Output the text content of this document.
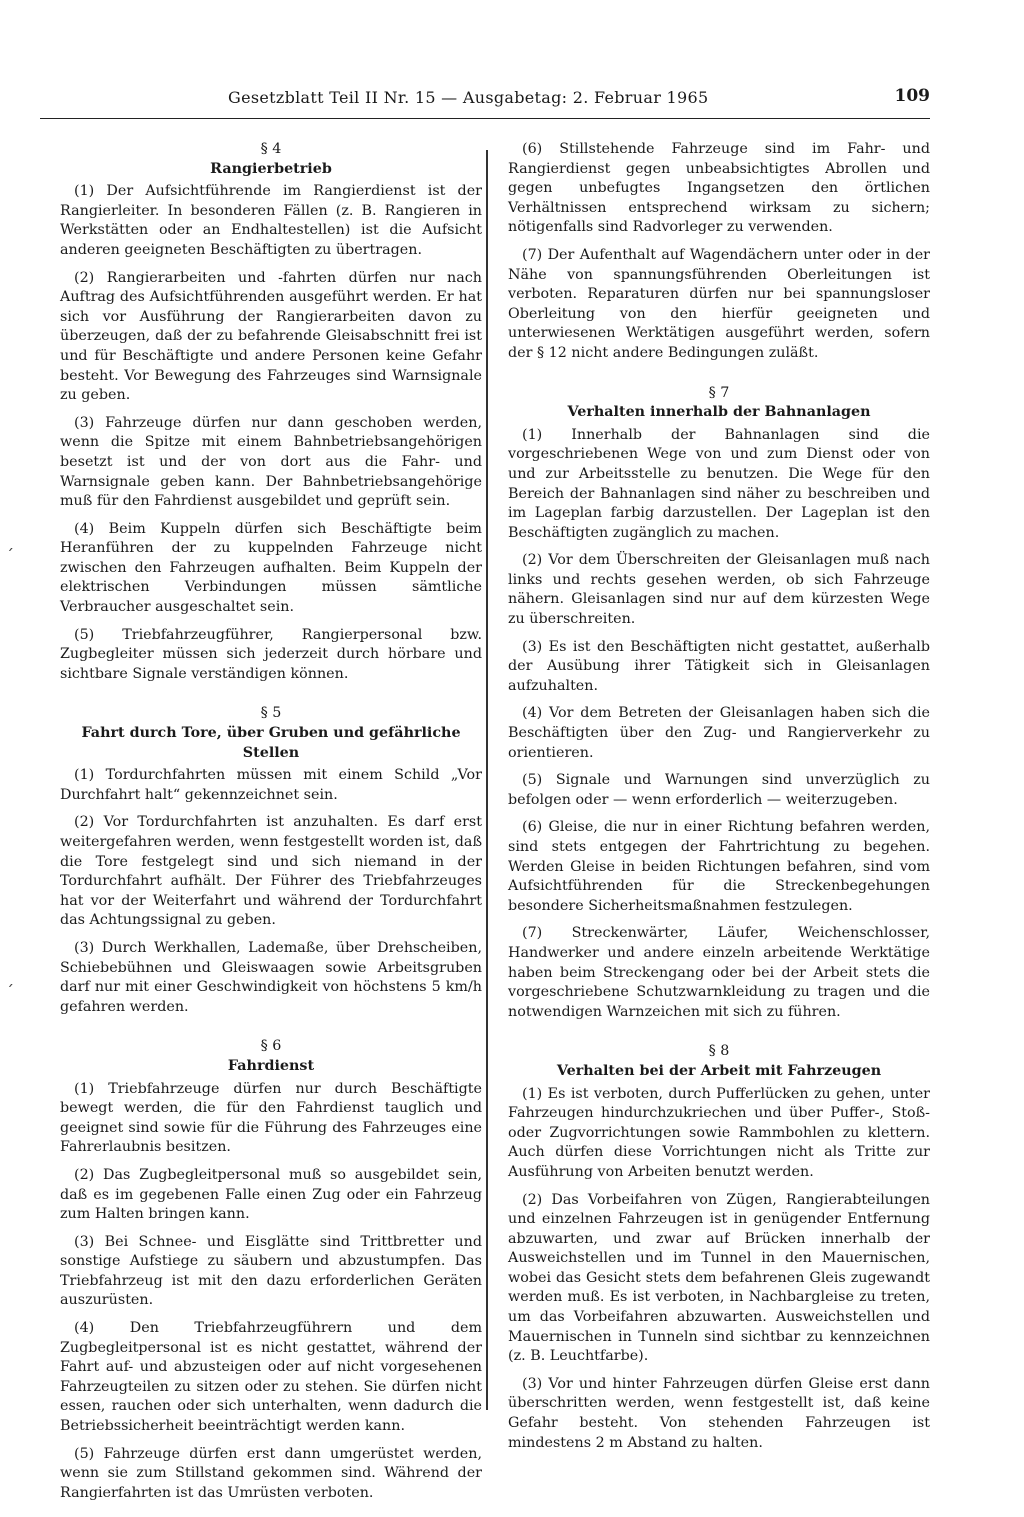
Gesetzblatt Teil II Nr. 15 — Ausgabetag: 2. Februar 1965	109
ˏ
ˏ

§ 4

Rangierbetrieb

(1) Der Aufsichtführende im Rangierdienst ist der Rangierleiter. In besonderen Fällen (z. B. Rangieren in Werkstätten oder an Endhaltestellen) ist die Aufsicht anderen geeigneten Beschäftigten zu übertragen.

(2) Rangierarbeiten und -fahrten dürfen nur nach Auftrag des Aufsichtführenden ausgeführt werden. Er hat sich vor Ausführung der Rangierarbeiten davon zu überzeugen, daß der zu befahrende Gleisabschnitt frei ist und für Beschäftigte und andere Personen keine Gefahr besteht. Vor Bewegung des Fahrzeuges sind Warnsignale zu geben.

(3) Fahrzeuge dürfen nur dann geschoben werden, wenn die Spitze mit einem Bahnbetriebsangehörigen besetzt ist und der von dort aus die Fahr- und Warnsignale geben kann. Der Bahnbetriebsangehörige muß für den Fahrdienst ausgebildet und geprüft sein.

(4) Beim Kuppeln dürfen sich Beschäftigte beim Heranführen der zu kuppelnden Fahrzeuge nicht zwischen den Fahrzeugen aufhalten. Beim Kuppeln der elektrischen Verbindungen müssen sämtliche Verbraucher ausgeschaltet sein.

(5) Triebfahrzeugführer, Rangierpersonal bzw. Zugbegleiter müssen sich jederzeit durch hörbare und sichtbare Signale verständigen können.

§ 5

Fahrt durch Tore, über Gruben und gefährliche Stellen

(1) Tordurchfahrten müssen mit einem Schild „Vor Durchfahrt halt“ gekennzeichnet sein.

(2) Vor Tordurchfahrten ist anzuhalten. Es darf erst weitergefahren werden, wenn festgestellt worden ist, daß die Tore festgelegt sind und sich niemand in der Tordurchfahrt aufhält. Der Führer des Triebfahrzeuges hat vor der Weiterfahrt und während der Tordurchfahrt das Achtungssignal zu geben.

(3) Durch Werkhallen, Lademaße, über Drehscheiben, Schiebebühnen und Gleiswaagen sowie Arbeitsgruben darf nur mit einer Geschwindigkeit von höchstens 5 km/h gefahren werden.

§ 6

Fahrdienst

(1) Triebfahrzeuge dürfen nur durch Beschäftigte bewegt werden, die für den Fahrdienst tauglich und geeignet sind sowie für die Führung des Fahrzeuges eine Fahrerlaubnis besitzen.

(2) Das Zugbegleitpersonal muß so ausgebildet sein, daß es im gegebenen Falle einen Zug oder ein Fahrzeug zum Halten bringen kann.

(3) Bei Schnee- und Eisglätte sind Trittbretter und sonstige Aufstiege zu säubern und abzustumpfen. Das Triebfahrzeug ist mit den dazu erforderlichen Geräten auszurüsten.

(4) Den Triebfahrzeugführern und dem Zugbegleitpersonal ist es nicht gestattet, während der Fahrt auf- und abzusteigen oder auf nicht vorgesehenen Fahrzeugteilen zu sitzen oder zu stehen. Sie dürfen nicht essen, rauchen oder sich unterhalten, wenn dadurch die Betriebssicherheit beeinträchtigt werden kann.

(5) Fahrzeuge dürfen erst dann umgerüstet werden, wenn sie zum Stillstand gekommen sind. Während der Rangierfahrten ist das Umrüsten verboten.

(6) Stillstehende Fahrzeuge sind im Fahr- und Rangierdienst gegen unbeabsichtigtes Abrollen und gegen unbefugtes Ingangsetzen den örtlichen Verhältnissen entsprechend wirksam zu sichern; nötigenfalls sind Radvorleger zu verwenden.

(7) Der Aufenthalt auf Wagendächern unter oder in der Nähe von spannungsführenden Oberleitungen ist verboten. Reparaturen dürfen nur bei spannungsloser Oberleitung von den hierfür geeigneten und unterwiesenen Werktätigen ausgeführt werden, sofern der § 12 nicht andere Bedingungen zuläßt.

§ 7

Verhalten innerhalb der Bahnanlagen

(1) Innerhalb der Bahnanlagen sind die vorgeschriebenen Wege von und zum Dienst oder von und zur Arbeitsstelle zu benutzen. Die Wege für den Bereich der Bahnanlagen sind näher zu beschreiben und im Lageplan farbig darzustellen. Der Lageplan ist den Beschäftigten zugänglich zu machen.

(2) Vor dem Überschreiten der Gleisanlagen muß nach links und rechts gesehen werden, ob sich Fahrzeuge nähern. Gleisanlagen sind nur auf dem kürzesten Wege zu überschreiten.

(3) Es ist den Beschäftigten nicht gestattet, außerhalb der Ausübung ihrer Tätigkeit sich in Gleisanlagen aufzuhalten.

(4) Vor dem Betreten der Gleisanlagen haben sich die Beschäftigten über den Zug- und Rangierverkehr zu orientieren.

(5) Signale und Warnungen sind unverzüglich zu befolgen oder — wenn erforderlich — weiterzugeben.

(6) Gleise, die nur in einer Richtung befahren werden, sind stets entgegen der Fahrtrichtung zu begehen. Werden Gleise in beiden Richtungen befahren, sind vom Aufsichtführenden für die Streckenbegehungen besondere Sicherheitsmaßnahmen festzulegen.

(7) Streckenwärter, Läufer, Weichenschlosser, Handwerker und andere einzeln arbeitende Werktätige haben beim Streckengang oder bei der Arbeit stets die vorgeschriebene Schutzwarnkleidung zu tragen und die notwendigen Warnzeichen mit sich zu führen.

§ 8

Verhalten bei der Arbeit mit Fahrzeugen

(1) Es ist verboten, durch Pufferlücken zu gehen, unter Fahrzeugen hindurchzukriechen und über Puffer-, Stoß- oder Zugvorrichtungen sowie Rammbohlen zu klettern. Auch dürfen diese Vorrichtungen nicht als Tritte zur Ausführung von Arbeiten benutzt werden.

(2) Das Vorbeifahren von Zügen, Rangierabteilungen und einzelnen Fahrzeugen ist in genügender Entfernung abzuwarten, und zwar auf Brücken innerhalb der Ausweichstellen und im Tunnel in den Mauernischen, wobei das Gesicht stets dem befahrenen Gleis zugewandt werden muß. Es ist verboten, in Nachbargleise zu treten, um das Vorbeifahren abzuwarten. Ausweichstellen und Mauernischen in Tunneln sind sichtbar zu kennzeichnen (z. B. Leuchtfarbe).

(3) Vor und hinter Fahrzeugen dürfen Gleise erst dann überschritten werden, wenn festgestellt ist, daß keine Gefahr besteht. Von stehenden Fahrzeugen ist mindestens 2 m Abstand zu halten.
